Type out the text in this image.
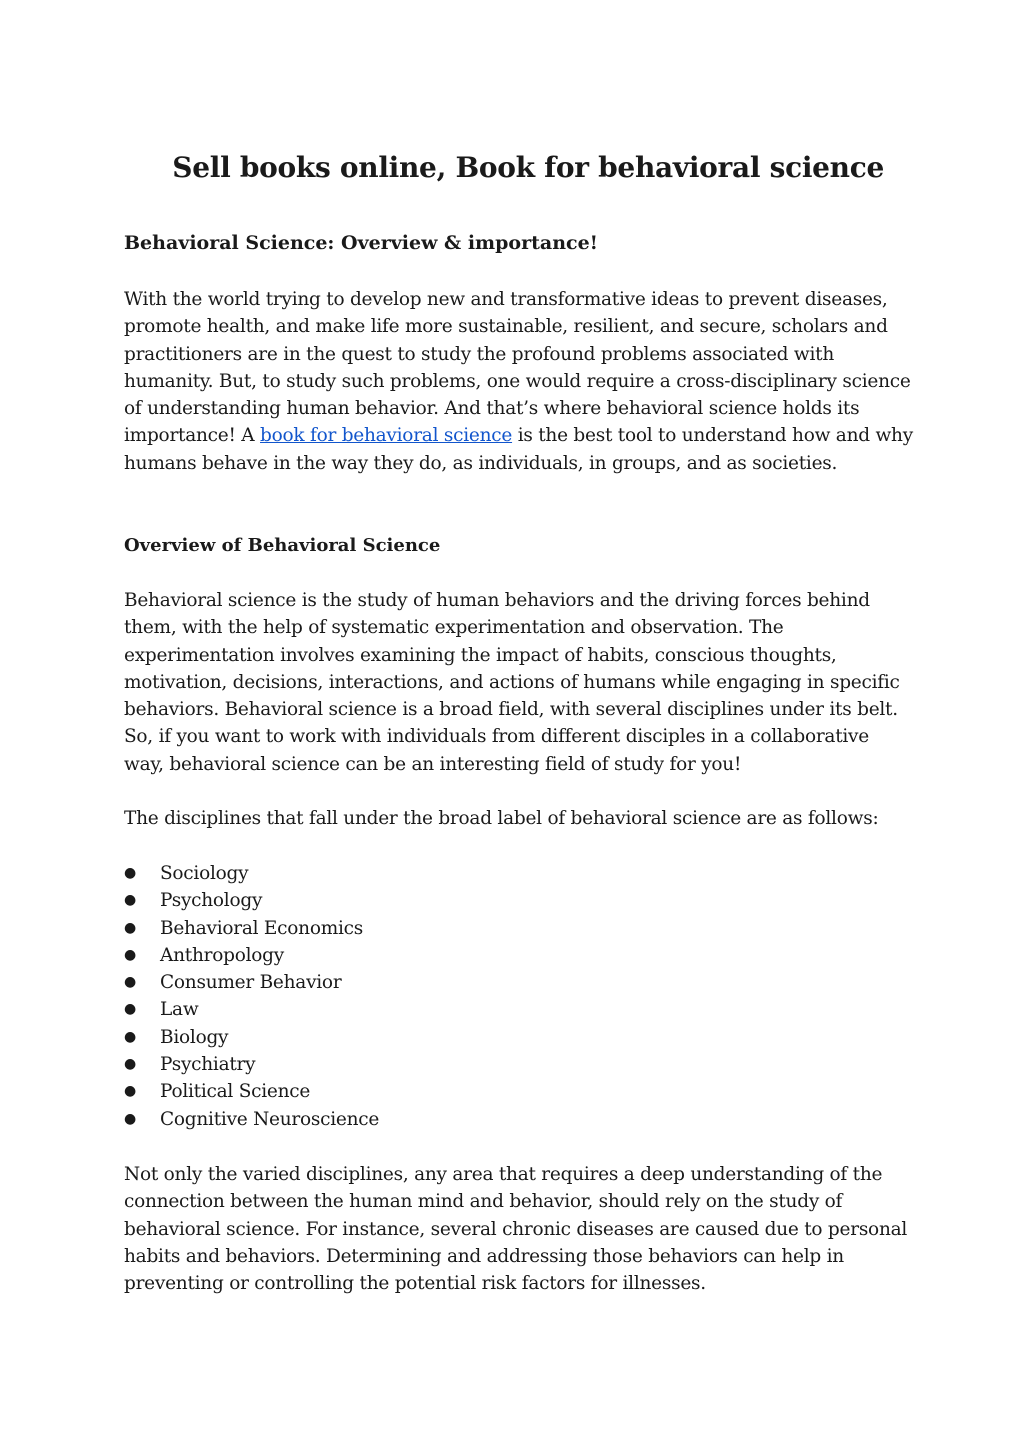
Sell books online, Book for behavioral science
Behavioral Science: Overview & importance!

With the world trying to develop new and transformative ideas to prevent diseases, promote health, and make life more sustainable, resilient, and secure, scholars and practitioners are in the quest to study the profound problems associated with humanity. But, to study such problems, one would require a cross-disciplinary science of understanding human behavior. And that’s where behavioral science holds its importance! A book for behavioral science is the best tool to understand how and why humans behave in the way they do, as individuals, in groups, and as societies.

Overview of Behavioral Science

Behavioral science is the study of human behaviors and the driving forces behind them, with the help of systematic experimentation and observation. The experimentation involves examining the impact of habits, conscious thoughts, motivation, decisions, interactions, and actions of humans while engaging in specific behaviors. Behavioral science is a broad field, with several disciplines under its belt. So, if you want to work with individuals from different disciples in a collaborative way, behavioral science can be an interesting field of study for you!

The disciplines that fall under the broad label of behavioral science are as follows:

● Sociology
● Psychology
● Behavioral Economics
● Anthropology
● Consumer Behavior
● Law
● Biology
● Psychiatry
● Political Science
● Cognitive Neuroscience

Not only the varied disciplines, any area that requires a deep understanding of the connection between the human mind and behavior, should rely on the study of behavioral science. For instance, several chronic diseases are caused due to personal habits and behaviors. Determining and addressing those behaviors can help in preventing or controlling the potential risk factors for illnesses.
